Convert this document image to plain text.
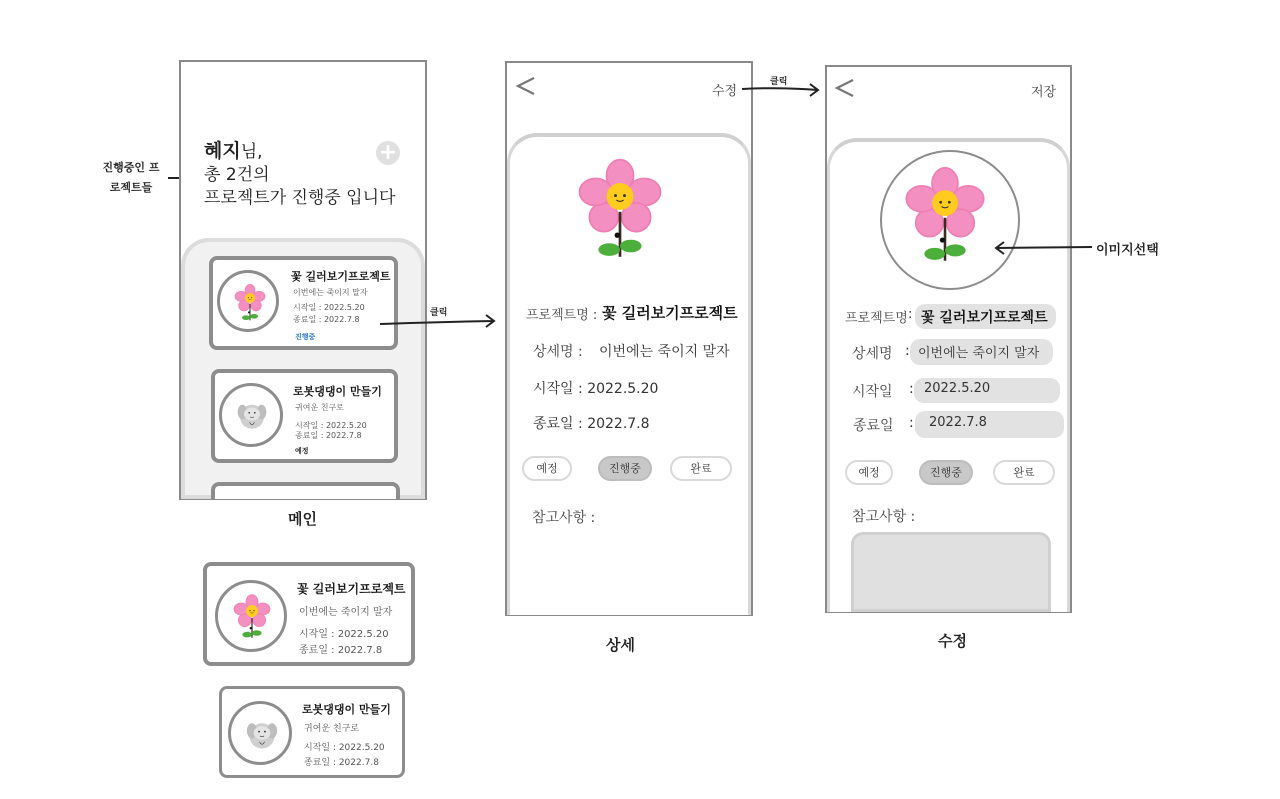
진행중인 프로젝트들
혜지님,
총 2건의
프로젝트가 진행중 입니다
+
꽃 길러보기프로젝트
이번에는 죽이지 말자
시작일 : 2022.5.20
종료일 : 2022.7.8
진행중
로봇댕댕이 만들기
귀여운 친구로
시작일 : 2022.5.20
종료일 : 2022.7.8
예정
메인
클릭
꽃 길러보기프로젝트
이번에는 죽이지 말자
시작일 : 2022.5.20
종료일 : 2022.7.8
로봇댕댕이 만들기
귀여운 친구로
시작일 : 2022.5.20
종료일 : 2022.7.8
수정
프로젝트명 : 꽃 길러보기프로젝트
상세명 : 이번에는 죽이지 말자
시작일 : 2022.5.20
종료일 : 2022.7.8
예정	진행중	완료
참고사항 :
상세
클릭
저장
이미지선택
프로젝트명 : 꽃 길러보기프로젝트
상세명 : 이번에는 죽이지 말자
시작일 : 2022.5.20
종료일 :	2022.7.8
예정	진행중	완료
참고사항 :
수정
